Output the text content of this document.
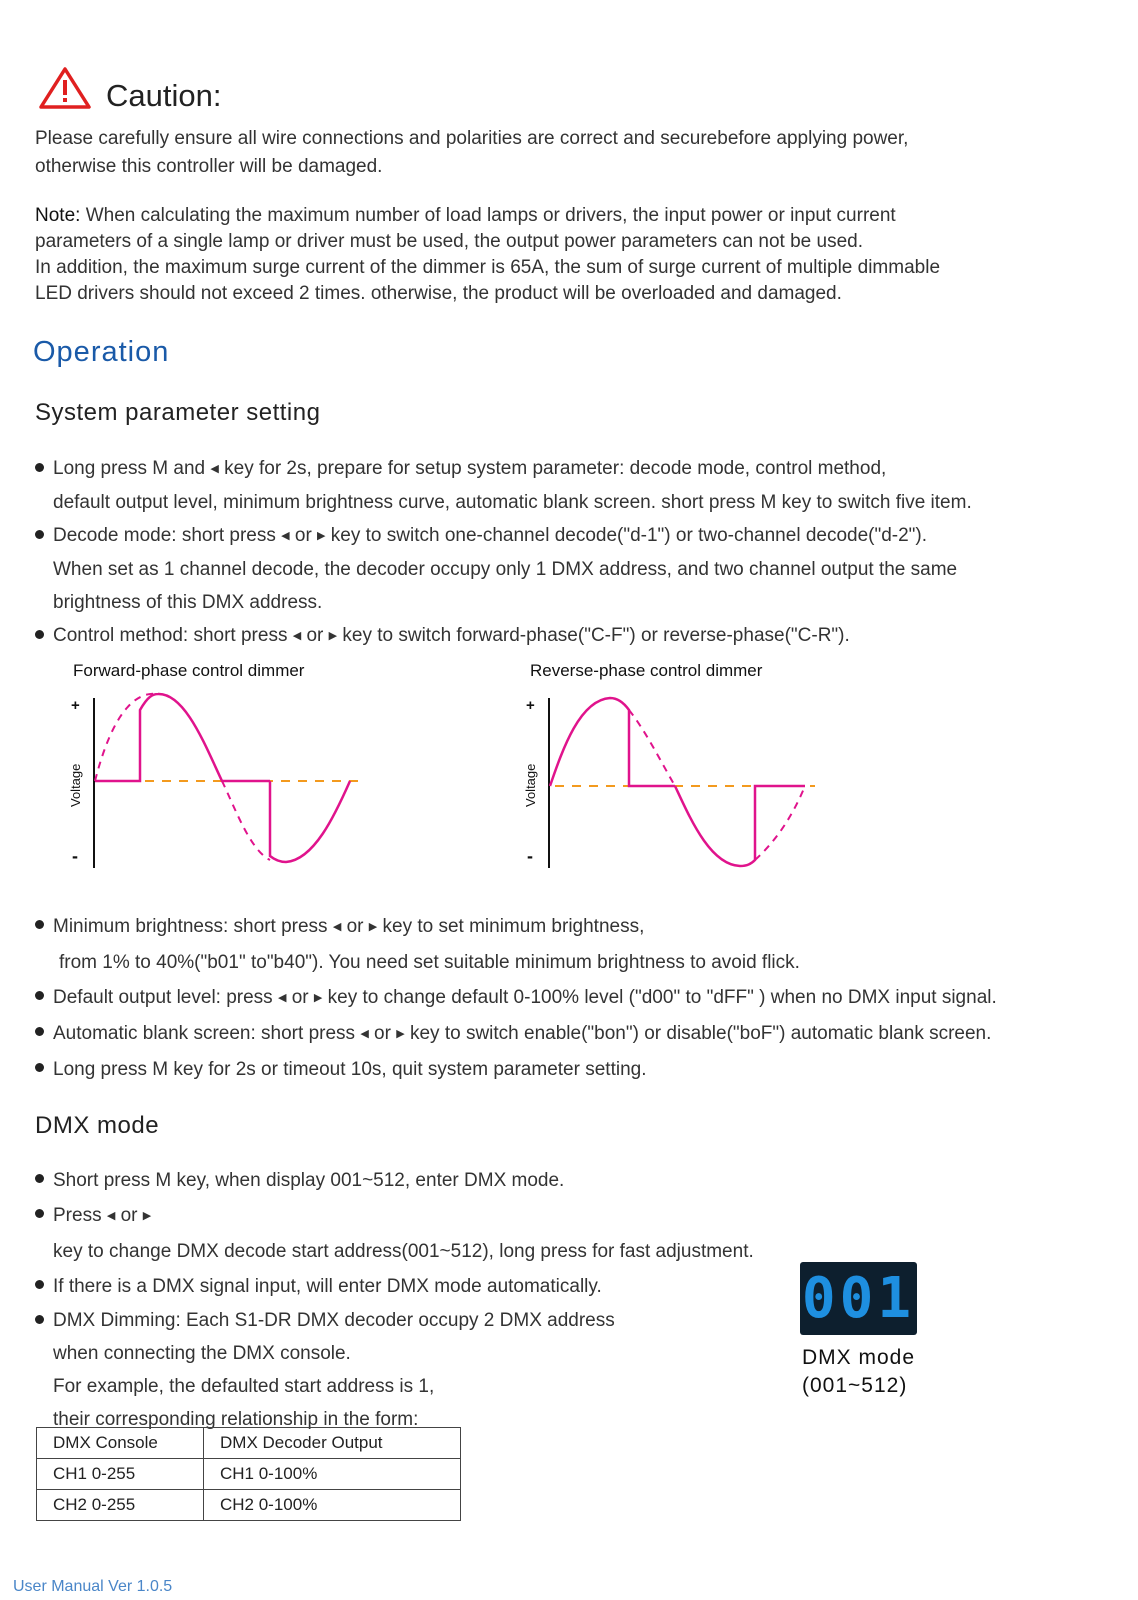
Caution:
Please carefully ensure all wire connections and polarities are correct and securebefore applying power,
otherwise this controller will be damaged.
Note: When calculating the maximum number of load lamps or drivers, the input power or input current
parameters of a single lamp or driver must be used, the output power parameters can not be used.
In addition, the maximum surge current of the dimmer is 65A, the sum of surge current of multiple dimmable
LED drivers should not exceed 2 times. otherwise, the product will be overloaded and damaged.
Operation
System parameter setting
Long press M and ◀ key for 2s, prepare for setup system parameter: decode mode, control method,
default output level, minimum brightness curve, automatic blank screen. short press M key to switch five item.
Decode mode: short press ◀ or ▶ key to switch one-channel decode("d-1") or two-channel decode("d-2").
When set as 1 channel decode, the decoder occupy only 1 DMX address, and two channel output the same
brightness of this DMX address.
Control method: short press ◀ or ▶ key to switch forward-phase("C-F") or reverse-phase("C-R").
Forward-phase control dimmer	Reverse-phase control dimmer
+
-
Voltage
+
-
Voltage
Minimum brightness: short press ◀ or ▶ key to set minimum brightness,
from 1% to 40%("b01" to"b40"). You need set suitable minimum brightness to avoid flick.
Default output level: press ◀ or ▶ key to change default 0-100% level ("d00" to "dFF" ) when no DMX input signal.
Automatic blank screen: short press ◀ or ▶ key to switch enable("bon") or disable("boF") automatic blank screen.
Long press M key for 2s or timeout 10s, quit system parameter setting.
DMX mode
Short press M key, when display 001~512, enter DMX mode.
Press ◀ or ▶ key to change DMX decode start address(001~512), long press for fast adjustment.
If there is a DMX signal input, will enter DMX mode automatically.
DMX Dimming: Each S1-DR DMX decoder occupy 2 DMX address
when connecting the DMX console.
For example, the defaulted start address is 1,
their corresponding relationship in the form:
001
DMX mode
(001~512)
DMX Console	DMX Decoder Output
CH1 0-255	CH1 0-100%
CH2 0-255	CH2 0-100%
User Manual Ver 1.0.5
